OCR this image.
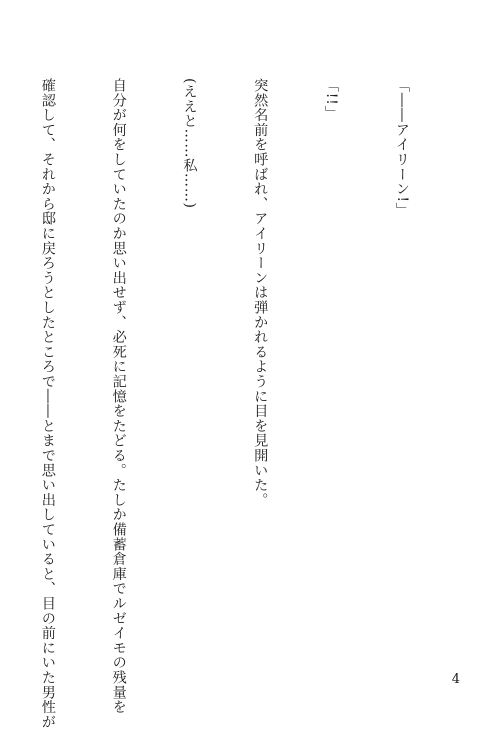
「――アイリーン!」

「!!」

突然名前を呼ばれ、アイリーンは弾かれるように目を見開いた。

(ええと……私……)

自分が何をしていたのか思い出せず、必死に記憶をたどる。たしか備蓄倉庫でルゼイモの残量を

確認して、それから邸に戻ろうとしたところで――とまで思い出していると、目の前にいた男性が

	4
